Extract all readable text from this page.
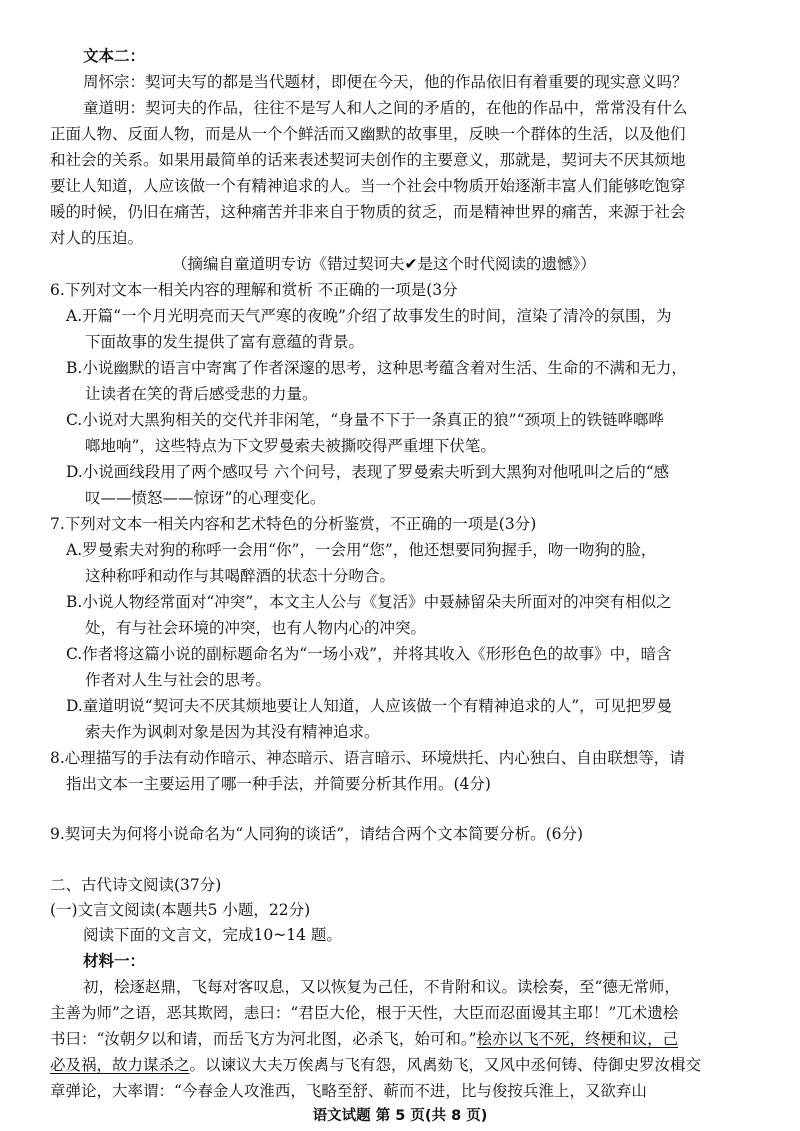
文本二：
周怀宗：契诃夫写的都是当代题材，即便在今天，他的作品依旧有着重要的现实意义吗？
童道明：契诃夫的作品，往往不是写人和人之间的矛盾的，在他的作品中，常常没有什么
正面人物、反面人物，而是从一个个鲜活而又幽默的故事里，反映一个群体的生活，以及他们
和社会的关系。如果用最简单的话来表述契诃夫创作的主要意义，那就是，契诃夫不厌其烦地
要让人知道，人应该做一个有精神追求的人。当一个社会中物质开始逐渐丰富人们能够吃饱穿
暖的时候，仍旧在痛苦，这种痛苦并非来自于物质的贫乏，而是精神世界的痛苦，来源于社会
对人的压迫。
（摘编自童道明专访《错过契诃夫✔是这个时代阅读的遗憾》）
6.下列对文本一相关内容的理解和赏析 不正确的一项是(3分
A.开篇“一个月光明亮而天气严寒的夜晚”介绍了故事发生的时间，渲染了清冷的氛围，为
下面故事的发生提供了富有意蕴的背景。
B.小说幽默的语言中寄寓了作者深邃的思考，这种思考蕴含着对生活、生命的不满和无力，
让读者在笑的背后感受悲的力量。
C.小说对大黑狗相关的交代并非闲笔，“身量不下于一条真正的狼”“颈项上的铁链哗啷哗
啷地响”，这些特点为下文罗曼索夫被撕咬得严重埋下伏笔。
D.小说画线段用了两个感叹号 六个问号，表现了罗曼索夫听到大黑狗对他吼叫之后的“感
叹——愤怒——惊讶”的心理变化。
7.下列对文本一相关内容和艺术特色的分析鉴赏，不正确的一项是(3分)
A.罗曼索夫对狗的称呼一会用“你”，一会用“您”，他还想要同狗握手，吻一吻狗的脸，
这种称呼和动作与其喝醉酒的状态十分吻合。
B.小说人物经常面对“冲突”，本文主人公与《复活》中聂赫留朵夫所面对的冲突有相似之
处，有与社会环境的冲突，也有人物内心的冲突。
C.作者将这篇小说的副标题命名为“一场小戏”，并将其收入《形形色色的故事》中，暗含
作者对人生与社会的思考。
D.童道明说“契诃夫不厌其烦地要让人知道，人应该做一个有精神追求的人”，可见把罗曼
索夫作为讽刺对象是因为其没有精神追求。
8.心理描写的手法有动作暗示、神态暗示、语言暗示、环境烘托、内心独白、自由联想等，请
指出文本一主要运用了哪一种手法，并简要分析其作用。(4分)
9.契诃夫为何将小说命名为“人同狗的谈话”，请结合两个文本简要分析。(6分)
二、古代诗文阅读(37分)
(一)文言文阅读(本题共5 小题，22分)
阅读下面的文言文，完成10~14 题。
材料一：
初，桧逐赵鼎，飞每对客叹息，又以恢复为己任，不肯附和议。读桧奏，至“德无常师，
主善为师”之语，恶其欺罔，恚曰：“君臣大伦，根于天性，大臣而忍面谩其主耶！”兀术遗桧
书曰：“汝朝夕以和请，而岳飞方为河北图，必杀飞，始可和。”桧亦以飞不死，终梗和议，己
必及祸，故力谋杀之。以谏议大夫万俟禼与飞有怨，风禼劾飞，又风中丞何铸、侍御史罗汝楫交
章弹论，大率谓：“今春金人攻淮西，飞略至舒、蕲而不进，比与俊按兵淮上，又欲弃山
语文试题 第 5 页(共 8 页)
